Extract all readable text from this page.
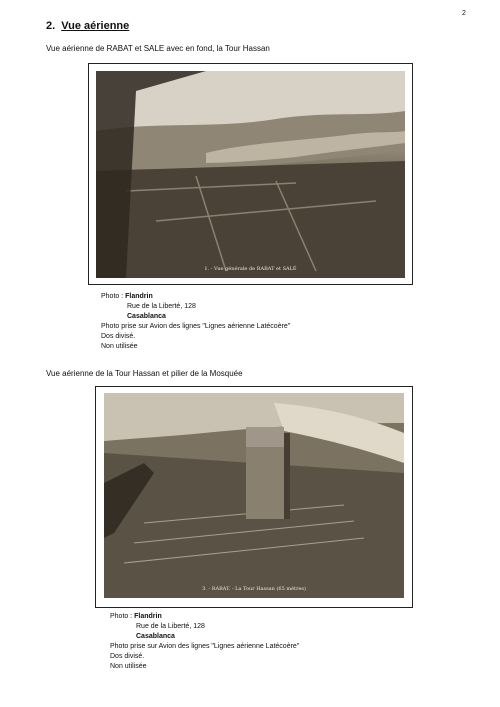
2
2. Vue aérienne
Vue aérienne de RABAT et SALE avec en fond, la Tour Hassan
1. - Vue générale de RABAT et SALÉ
Photo : Flandrin
Rue de la Liberté, 128
Casablanca
Photo prise sur Avion des lignes "Lignes aérienne Latécoère"
Dos divisé.
Non utilisée
Vue aérienne de la Tour Hassan et pilier de la Mosquée
3. - RABAT. - La Tour Hassan (65 mètres)
Photo : Flandrin
Rue de la Liberté, 128
Casablanca
Photo prise sur Avion des lignes "Lignes aérienne Latécoère"
Dos divisé.
Non utilisée
